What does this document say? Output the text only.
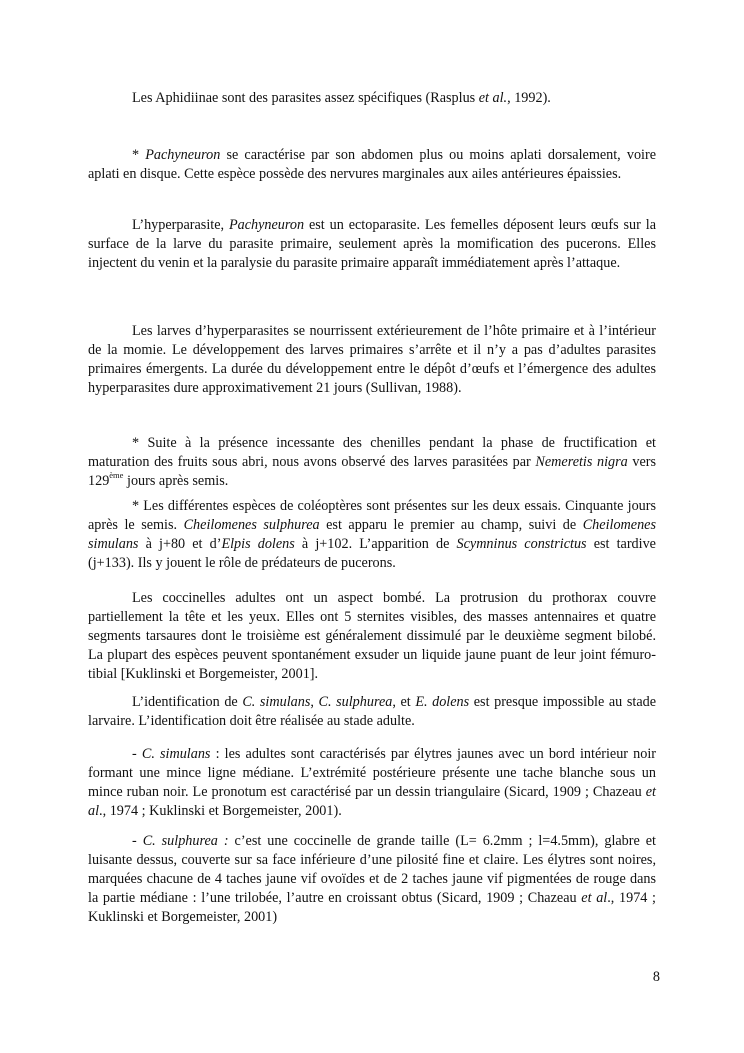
Les Aphidiinae sont des parasites assez spécifiques (Rasplus et al., 1992).

* Pachyneuron se caractérise par son abdomen plus ou moins aplati dorsalement, voire aplati en disque. Cette espèce possède des nervures marginales aux ailes antérieures épaissies.

L’hyperparasite, Pachyneuron est un ectoparasite. Les femelles déposent leurs œufs sur la surface de la larve du parasite primaire, seulement après la momification des pucerons. Elles injectent du venin et la paralysie du parasite primaire apparaît immédiatement après l’attaque.

Les larves d’hyperparasites se nourrissent extérieurement de l’hôte primaire et à l’intérieur de la momie. Le développement des larves primaires s’arrête et il n’y a pas d’adultes parasites primaires émergents. La durée du développement entre le dépôt d’œufs et l’émergence des adultes hyperparasites dure approximativement 21 jours (Sullivan, 1988).

* Suite à la présence incessante des chenilles pendant la phase de fructification et maturation des fruits sous abri, nous avons observé des larves parasitées par Nemeretis nigra vers 129ème jours après semis.

* Les différentes espèces de coléoptères sont présentes sur les deux essais. Cinquante jours après le semis. Cheilomenes sulphurea est apparu le premier au champ, suivi de Cheilomenes simulans à j+80 et d’Elpis dolens à j+102. L’apparition de Scymninus constrictus est tardive (j+133). Ils y jouent le rôle de prédateurs de pucerons.

Les coccinelles adultes ont un aspect bombé. La protrusion du prothorax couvre partiellement la tête et les yeux. Elles ont 5 sternites visibles, des masses antennaires et quatre segments tarsaures dont le troisième est généralement dissimulé par le deuxième segment bilobé. La plupart des espèces peuvent spontanément exsuder un liquide jaune puant de leur joint fémuro- tibial [Kuklinski et Borgemeister, 2001].

L’identification de C. simulans, C. sulphurea, et E. dolens est presque impossible au stade larvaire. L’identification doit être réalisée au stade adulte.

- C. simulans : les adultes sont caractérisés par élytres jaunes avec un bord intérieur noir formant une mince ligne médiane. L’extrémité postérieure présente une tache blanche sous un mince ruban noir. Le pronotum est caractérisé par un dessin triangulaire (Sicard, 1909 ; Chazeau et al., 1974 ; Kuklinski et Borgemeister, 2001).

- C. sulphurea : c’est une coccinelle de grande taille (L= 6.2mm ; l=4.5mm), glabre et luisante dessus, couverte sur sa face inférieure d’une pilosité fine et claire. Les élytres sont noires, marquées chacune de 4 taches jaune vif ovoïdes et de 2 taches jaune vif pigmentées de rouge dans la partie médiane : l’une trilobée, l’autre en croissant obtus (Sicard, 1909 ; Chazeau et al., 1974 ; Kuklinski et Borgemeister, 2001)

8
